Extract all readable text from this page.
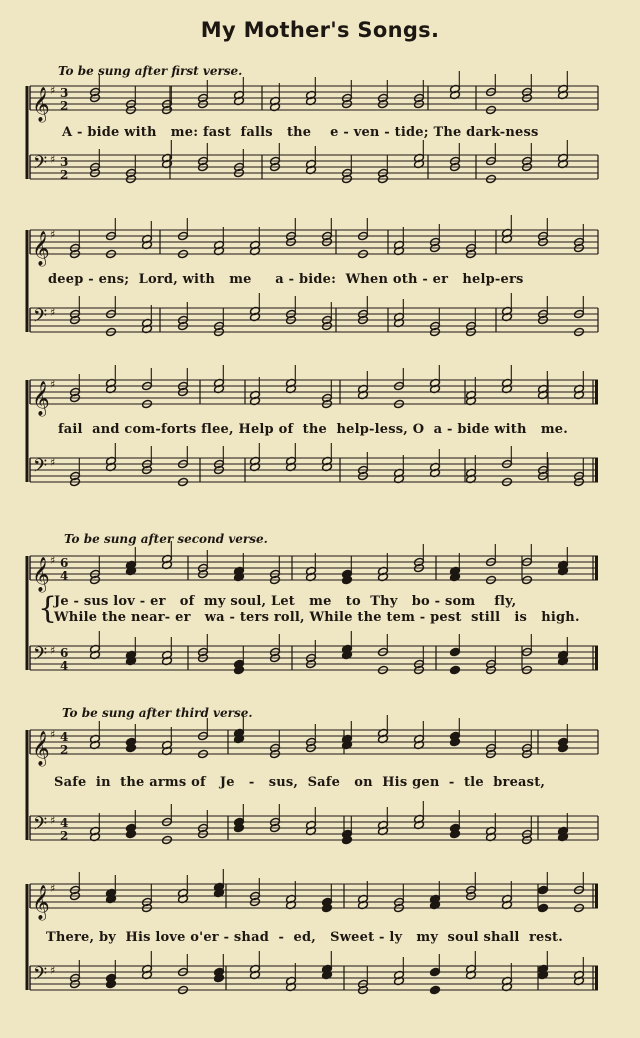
My Mother's Songs.
To be sung after first verse.
To be sung after second verse.
To be sung after third verse.
𝄞 ♯ 3
2
𝄢 ♯ 3
2
𝄞 ♯
𝄢 ♯
𝄞 ♯
𝄢 ♯
𝄞 ♯ 6
4
𝄢 ♯ 6
4
𝄞 ♯ 4
2
𝄢 ♯ 4
2
𝄞 ♯
𝄢 ♯
A - bide with   me: fast  falls   the    e - ven - tide; The dark-ness
deep - ens;  Lord, with   me     a - bide:  When oth - er   help-ers
fail  and com-forts flee, Help of  the  help-less, O  a - bide with   me.
{
Je - sus lov - er   of  my soul, Let   me   to  Thy   bo - som    fly,
While the near- er   wa - ters roll, While the tem - pest  still   is   high.
Safe  in  the arms of   Je   -   sus,  Safe   on  His gen  -  tle  breast,
There, by  His love o'er - shad  -  ed,   Sweet - ly   my  soul shall  rest.
